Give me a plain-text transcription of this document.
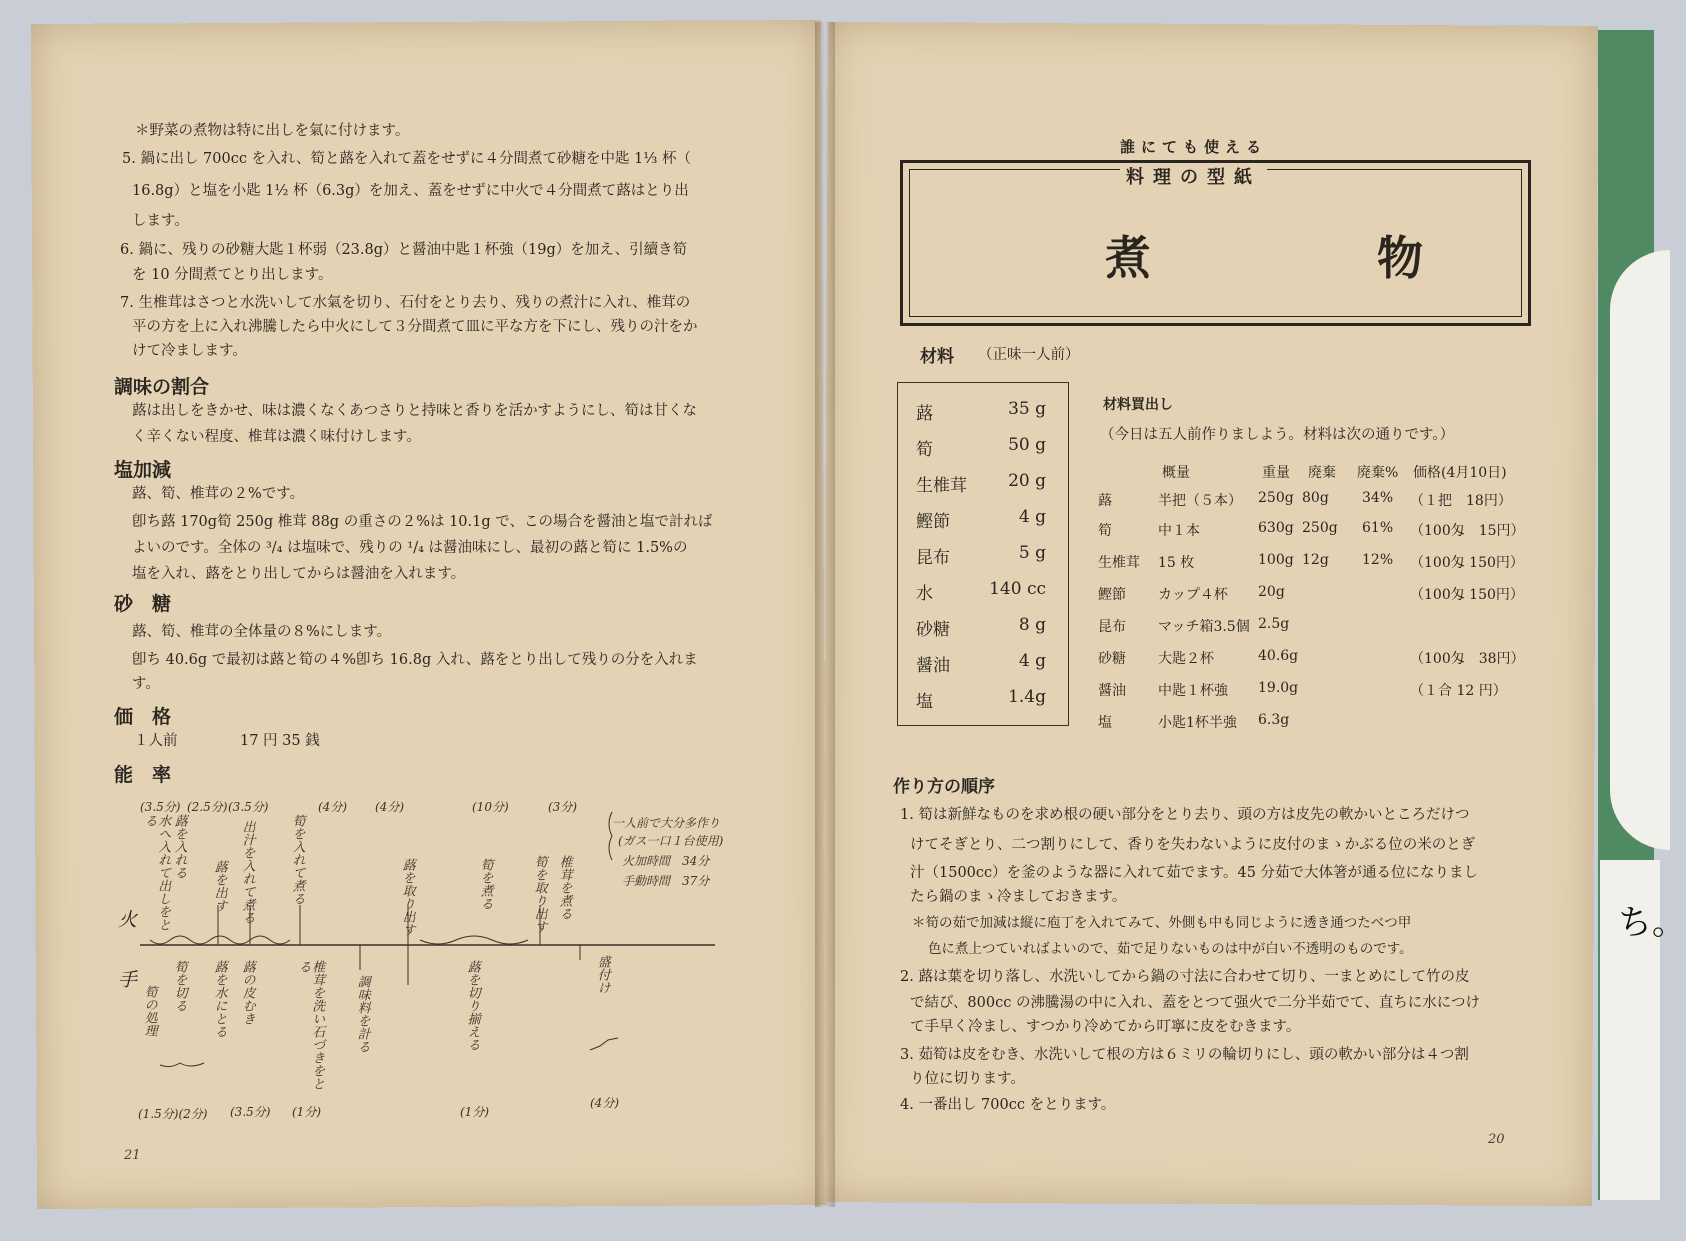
ち。
＊野菜の煮物は特に出しを氣に付けます。
5. 鍋に出し 700cc を入れ、筍と蕗を入れて蓋をせずに４分間煮て砂糖を中匙 1⅓ 杯（
16.8g）と塩を小匙 1½ 杯（6.3g）を加え、蓋をせずに中火で４分間煮て蕗はとり出
します。
6. 鍋に、残りの砂糖大匙１杯弱（23.8g）と醤油中匙１杯強（19g）を加え、引續き筍
を 10 分間煮てとり出します。
7. 生椎茸はさつと水洗いして水氣を切り、石付をとり去り、残りの煮汁に入れ、椎茸の
平の方を上に入れ沸騰したら中火にして３分間煮て皿に平な方を下にし、残りの汁をか
けて冷まします。
調味の割合
蕗は出しをきかせ、味は濃くなくあつさりと持味と香りを活かすようにし、筍は甘くな
く辛くない程度、椎茸は濃く味付けします。
塩加減
蕗、筍、椎茸の２%です。
卽ち蕗 170g筍 250g 椎茸 88g の重さの２%は 10.1g で、この場合を醤油と塩で計れば
よいのです。全体の ³/₄ は塩味で、残りの ¹/₄ は醤油味にし、最初の蕗と筍に 1.5%の
塩を入れ、蕗をとり出してからは醤油を入れます。
砂　糖
蕗、筍、椎茸の全体量の８%にします。
卽ち 40.6g で最初は蕗と筍の４%卽ち 16.8g 入れ、蕗をとり出して残りの分を入れま
す。
価　格
１人前	17 円 35 銭
能　率
(3.5分) (2.5分) (3.5分)	(4分) (4分)	(10分)	(3分)
水へ入れて出しをとる	蕗を入れる
蕗を出す 出汁を入れて煮る	筍を入れて煮る	蕗を取り出す	筍を煮る	筍を取り出す 椎茸を煮る
火
手
筍の処理 筍を切る 蕗を水にとる 蕗の皮むき	椎茸を洗い石づきをとる
調味料を計る	蕗を切り揃える	盛付け
一人前で大分多作り
(ガス一口１台使用)
火加時間　34分
手動時間　37分
(1.5分)(2分) (3.5分) (1分)	(1分)
(4分)
21
誰にても使える
料理の型紙
煮　物
材料 （正味一人前）
蕗	35 g
筍	50 g
生椎茸 20 g
鰹節	4 g
昆布	5 g
水	140 cc
砂糖	8 g
醤油	4 g
塩	1.4g
材料買出し
（今日は五人前作りましよう。材料は次の通りです。）
概量	重量 廃棄 廃棄% 価格(4月10日)
蕗	半把（５本） 250g 80g 34% （１把　18円）
筍	中１本	630g 250g 61% （100匁　15円）
生椎茸 15 枚	100g 12g 12% （100匁 150円）
鰹節 カップ４杯 20g	（100匁 150円）
昆布 マッチ箱3.5個 2.5g
砂糖 大匙２杯	40.6g	（100匁　38円）
醤油 中匙１杯強 19.0g	（１合 12 円）
塩	小匙1杯半強 6.3g
作り方の順序
1. 筍は新鮮なものを求め根の硬い部分をとり去り、頭の方は皮先の軟かいところだけつ
けてそぎとり、二つ割りにして、香りを失わないように皮付のまゝかぶる位の米のとぎ
汁（1500cc）を釜のような器に入れて茹でます。45 分茹で大体箸が通る位になりまし
たら鍋のまゝ冷ましておきます。
＊筍の茹で加減は縦に庖丁を入れてみて、外側も中も同じように透き通つたべつ甲
色に煮上つていればよいので、茹で足りないものは中が白い不透明のものです。
2. 蕗は葉を切り落し、水洗いしてから鍋の寸法に合わせて切り、一まとめにして竹の皮
で結び、800cc の沸騰湯の中に入れ、蓋をとつて强火で二分半茹でて、直ちに水につけ
て手早く冷まし、すつかり冷めてから叮寧に皮をむきます。
3. 茹筍は皮をむき、水洗いして根の方は６ミリの輪切りにし、頭の軟かい部分は４つ割
り位に切ります。
4. 一番出し 700cc をとります。
20
